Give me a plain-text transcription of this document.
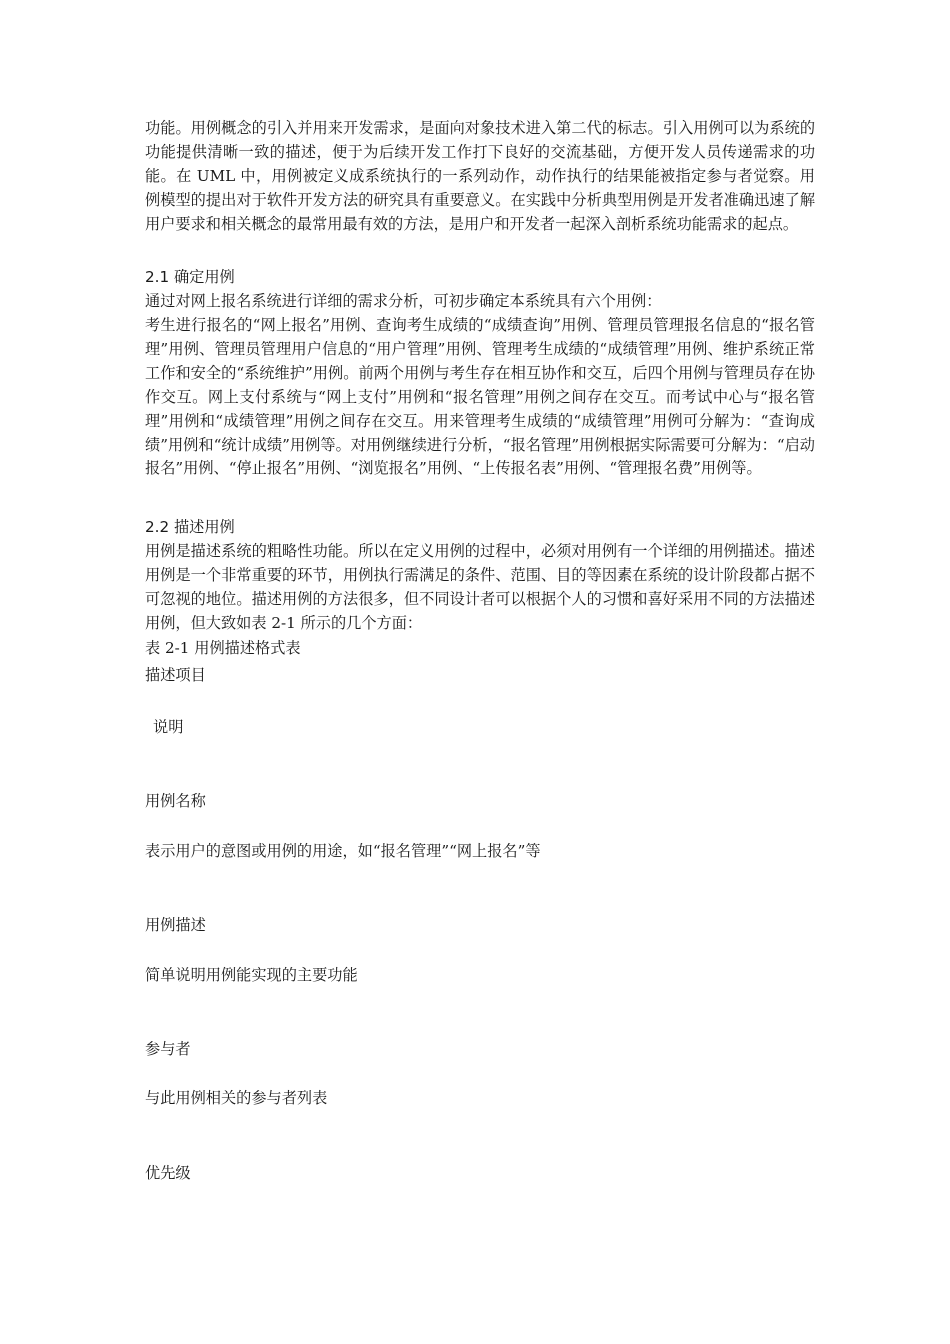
功能。用例概念的引入并用来开发需求，是面向对象技术进入第二代的标志。引入用例可以为系统的功能提供清晰一致的描述，便于为后续开发工作打下良好的交流基础，方便开发人员传递需求的功能。在 UML 中，用例被定义成系统执行的一系列动作，动作执行的结果能被指定参与者觉察。用例模型的提出对于软件开发方法的研究具有重要意义。在实践中分析典型用例是开发者准确迅速了解用户要求和相关概念的最常用最有效的方法，是用户和开发者一起深入剖析系统功能需求的起点。

2.1 确定用例

通过对网上报名系统进行详细的需求分析，可初步确定本系统具有六个用例：

考生进行报名的“网上报名”用例、查询考生成绩的“成绩查询”用例、管理员管理报名信息的“报名管理”用例、管理员管理用户信息的“用户管理”用例、管理考生成绩的“成绩管理”用例、维护系统正常工作和安全的“系统维护”用例。前两个用例与考生存在相互协作和交互，后四个用例与管理员存在协作交互。网上支付系统与“网上支付”用例和“报名管理”用例之间存在交互。而考试中心与“报名管理”用例和“成绩管理”用例之间存在交互。用来管理考生成绩的“成绩管理”用例可分解为：“查询成绩”用例和“统计成绩”用例等。对用例继续进行分析，“报名管理”用例根据实际需要可分解为：“启动报名”用例、“停止报名”用例、“浏览报名”用例、“上传报名表”用例、“管理报名费”用例等。

2.2 描述用例

用例是描述系统的粗略性功能。所以在定义用例的过程中，必须对用例有一个详细的用例描述。描述用例是一个非常重要的环节，用例执行需满足的条件、范围、目的等因素在系统的设计阶段都占据不可忽视的地位。描述用例的方法很多，但不同设计者可以根据个人的习惯和喜好采用不同的方法描述用例，但大致如表 2-1 所示的几个方面：

表 2-1 用例描述格式表

描述项目

说明

用例名称

表示用户的意图或用例的用途，如“报名管理”“网上报名”等

用例描述

简单说明用例能实现的主要功能

参与者

与此用例相关的参与者列表

优先级
